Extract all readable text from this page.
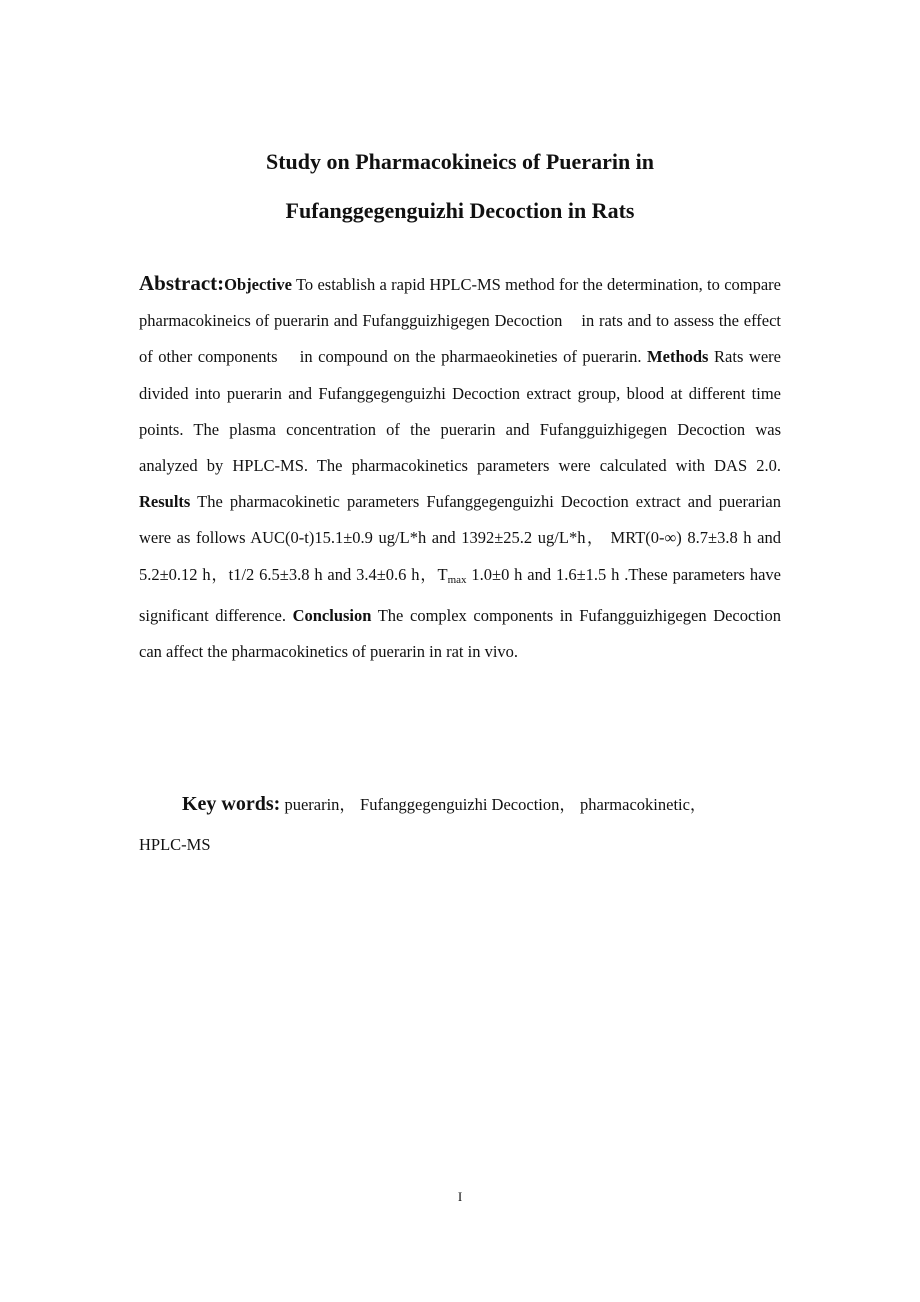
Study on Pharmacokineics of Puerarin in
Fufanggegenguizhi Decoction in Rats

Abstract:Objective To establish a rapid HPLC-MS method for the determination, to compare pharmacokineics of puerarin and Fufangguizhigegen Decoction    in rats and to assess the effect of other components    in compound on the pharmaeokineties of puerarin. Methods Rats were divided into puerarin and Fufanggegenguizhi Decoction extract group, blood at different time points. The plasma concentration of the puerarin and Fufangguizhigegen Decoction was analyzed by HPLC-MS. The pharmacokinetics parameters were calculated with DAS 2.0. Results The pharmacokinetic parameters Fufanggegenguizhi Decoction extract and puerarian were as follows AUC(0-t)15.1±0.9 ug/L*h and 1392±25.2 ug/L*h， MRT(0-∞) 8.7±3.8 h and 5.2±0.12 h，t1/2 6.5±3.8 h and 3.4±0.6 h，$T_{max}$ 1.0±0 h and 1.6±1.5 h .These parameters have significant difference. Conclusion The complex components in Fufangguizhigegen Decoction can affect the pharmacokinetics of puerarin in rat in vivo.

Key words: puerarin， Fufanggegenguizhi Decoction， pharmacokinetic，
HPLC-MS
I
